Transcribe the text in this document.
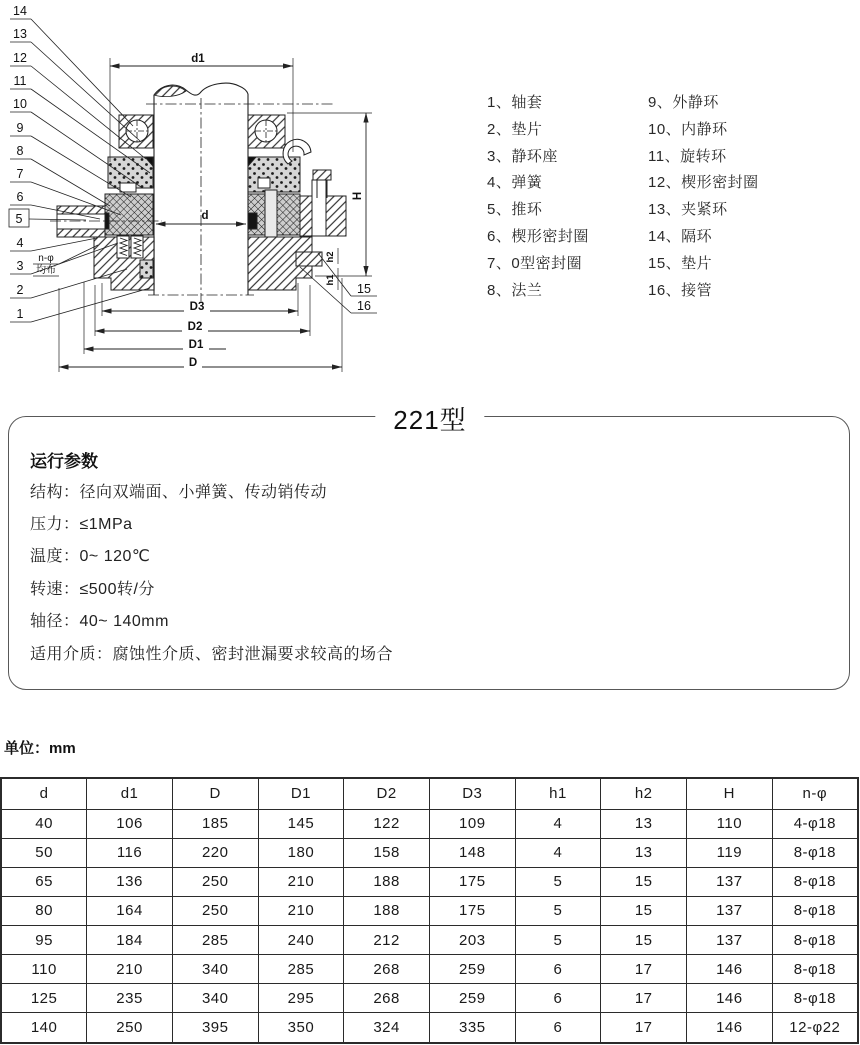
d1
d
H
h2
h1
D3
D2
D1
D
14
13
12
11
10
9
8
7
6
5
4
3
2
1
n-φ
均布
15
16
1、轴套
2、垫片
3、静环座
4、弹簧
5、推环
6、楔形密封圈
7、0型密封圈
8、法兰
9、外静环
10、内静环
11、旋转环
12、楔形密封圈
13、夹紧环
14、隔环
15、垫片
16、接管
221型
运行参数
结构：径向双端面、小弹簧、传动销传动
压力：≤1MPa
温度：0~ 120℃
转速：≤500转/分
轴径：40~ 140mm
适用介质：腐蚀性介质、密封泄漏要求较高的场合
单位：mm
d	d1	D	D1	D2	D3	h1	h2	H	n-φ
40	106	185	145	122	109	4	13	110	4-φ18
50	116	220	180	158	148	4	13	119	8-φ18
65	136	250	210	188	175	5	15	137	8-φ18
80	164	250	210	188	175	5	15	137	8-φ18
95	184	285	240	212	203	5	15	137	8-φ18
110	210	340	285	268	259	6	17	146	8-φ18
125	235	340	295	268	259	6	17	146	8-φ18
140	250	395	350	324	335	6	17	146	12-φ22
